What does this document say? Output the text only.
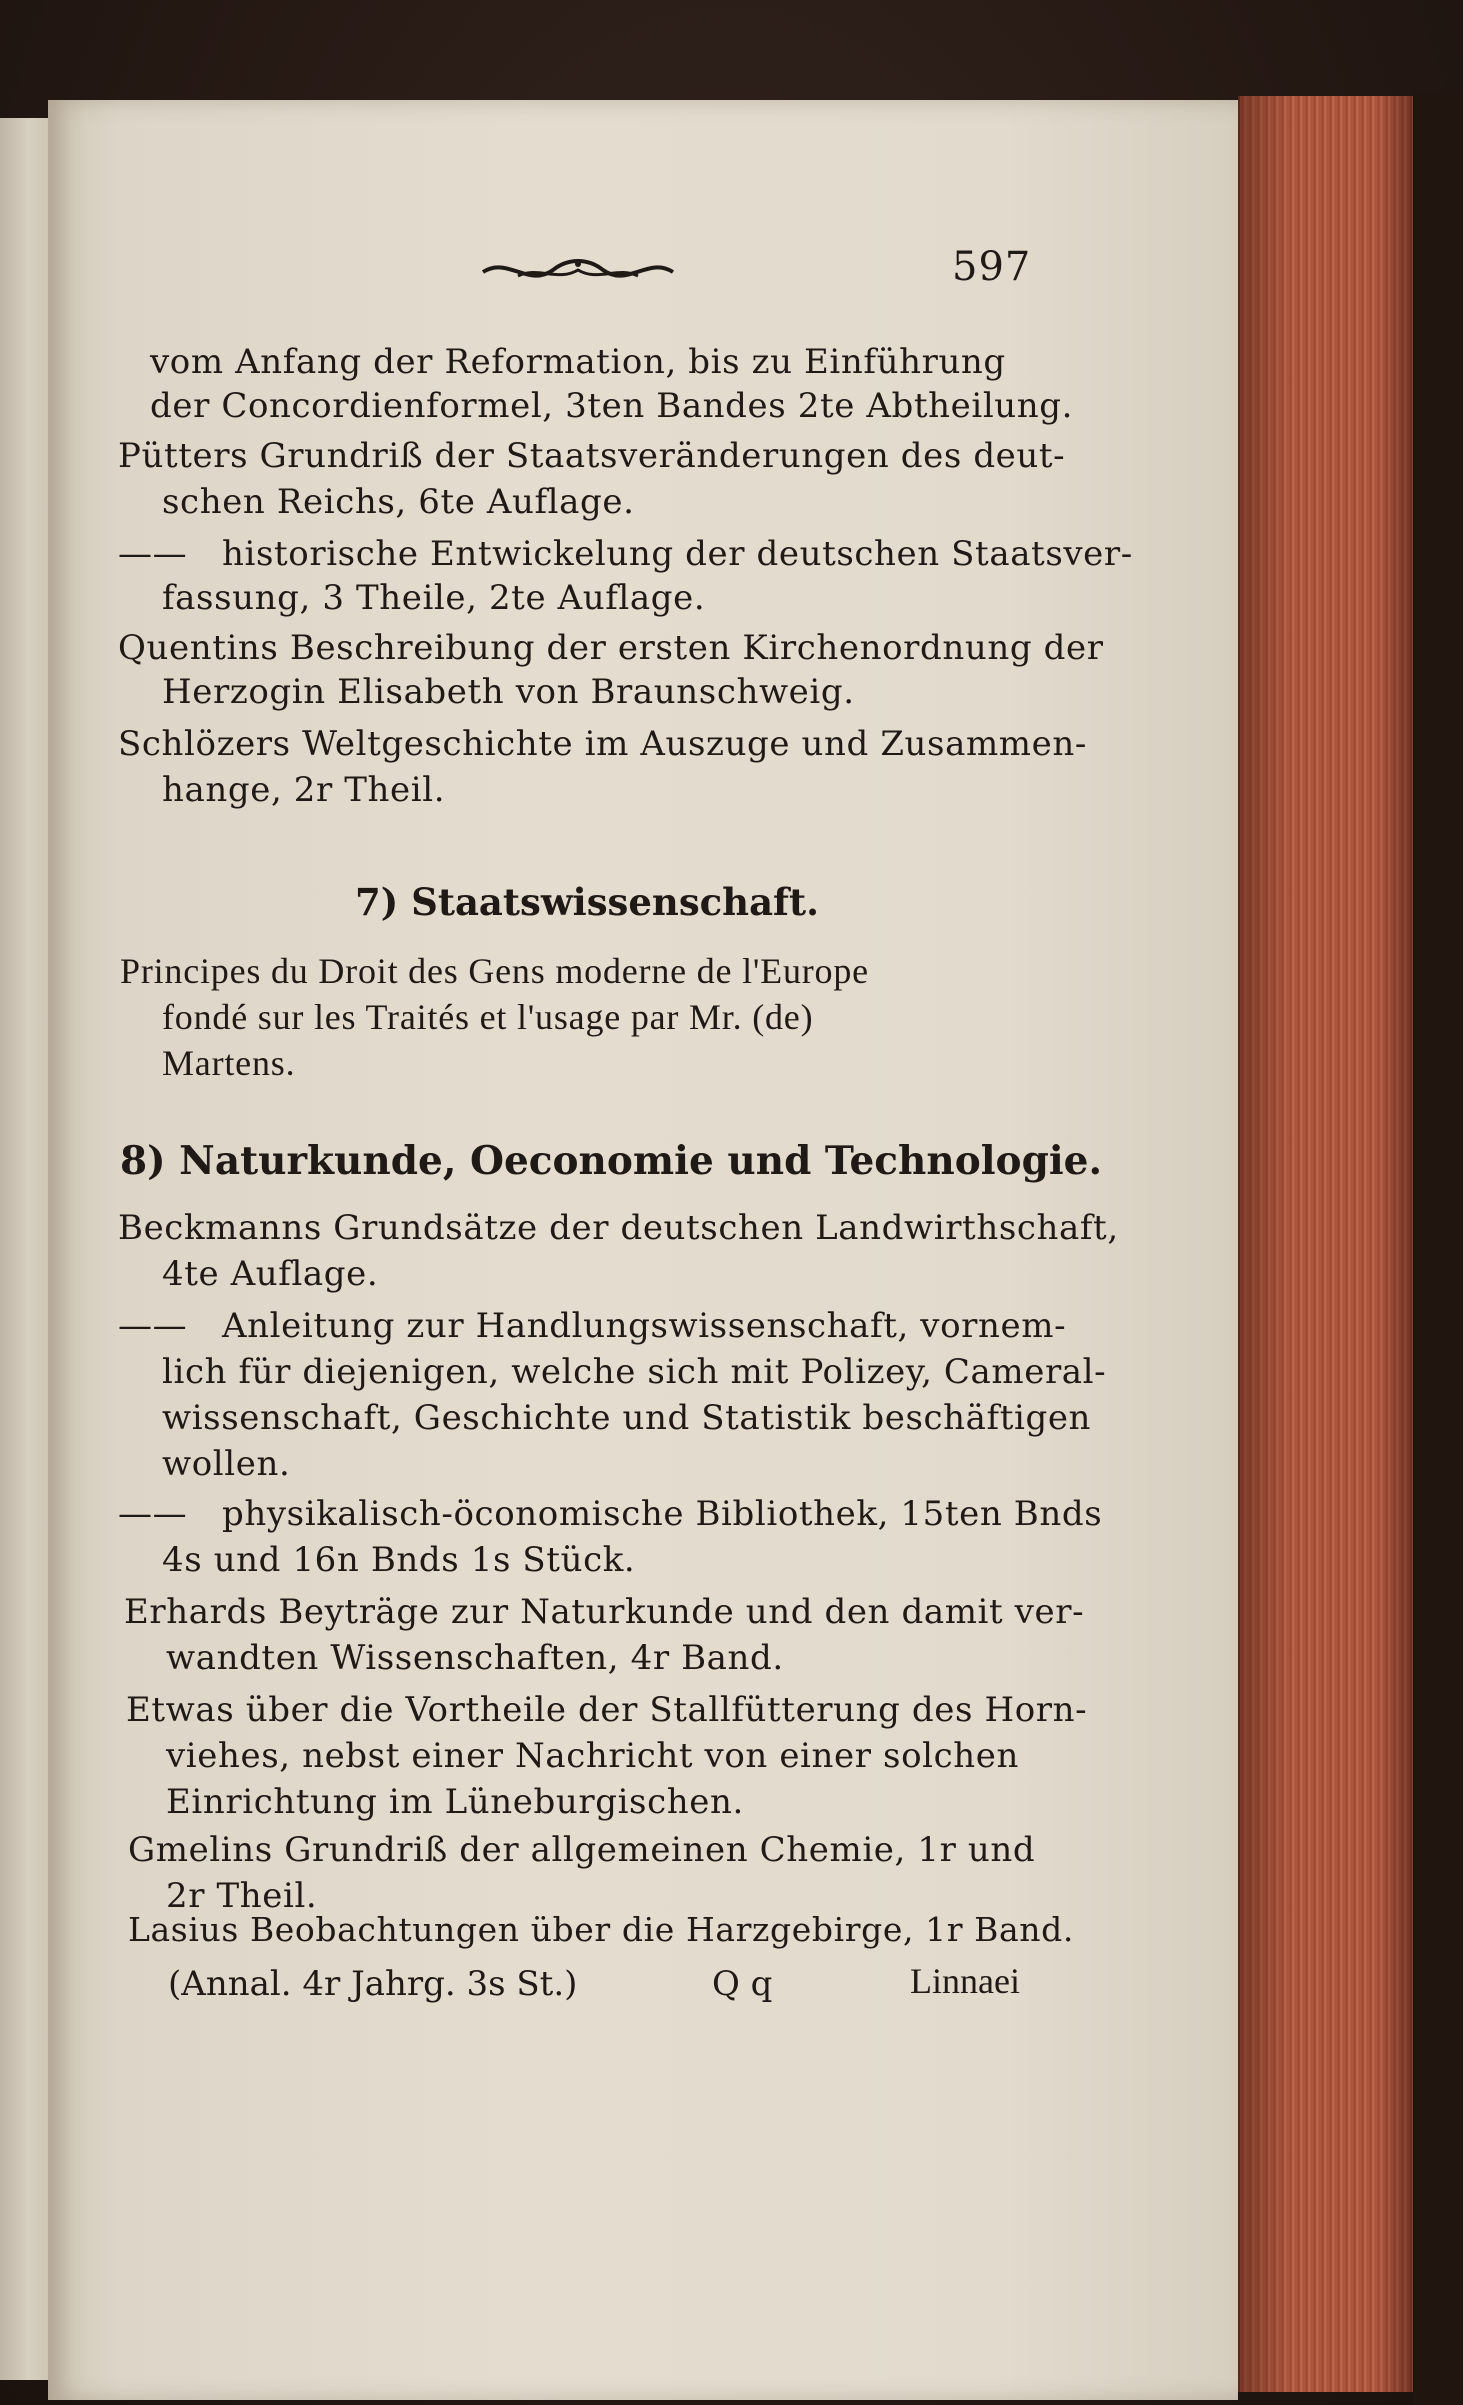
597
vom Anfang der Reformation, bis zu Einführung
der Concordienformel, 3ten Bandes 2te Abtheilung.
Pütters Grundriß der Staatsveränderungen des deut-
schen Reichs, 6te Auflage.
—— historische Entwickelung der deutschen Staatsver-
fassung, 3 Theile, 2te Auflage.
Quentins Beschreibung der ersten Kirchenordnung der
Herzogin Elisabeth von Braunschweig.
Schlözers Weltgeschichte im Auszuge und Zusammen-
hange, 2r Theil.
7) Staatswissenschaft.
Principes du Droit des Gens moderne de l'Europe
fondé sur les Traités et l'usage par Mr. (de)
Martens.
8) Naturkunde, Oeconomie und Technologie.
Beckmanns Grundsätze der deutschen Landwirthschaft,
4te Auflage.
—— Anleitung zur Handlungswissenschaft, vornem-
lich für diejenigen, welche sich mit Polizey, Cameral-
wissenschaft, Geschichte und Statistik beschäftigen
wollen.
—— physikalisch-öconomische Bibliothek, 15ten Bnds
4s und 16n Bnds 1s Stück.
Erhards Beyträge zur Naturkunde und den damit ver-
wandten Wissenschaften, 4r Band.
Etwas über die Vortheile der Stallfütterung des Horn-
viehes, nebst einer Nachricht von einer solchen
Einrichtung im Lüneburgischen.
Gmelins Grundriß der allgemeinen Chemie, 1r und
2r Theil.
Lasius Beobachtungen über die Harzgebirge, 1r Band.
(Annal. 4r Jahrg. 3s St.)	Q q	Linnaei
